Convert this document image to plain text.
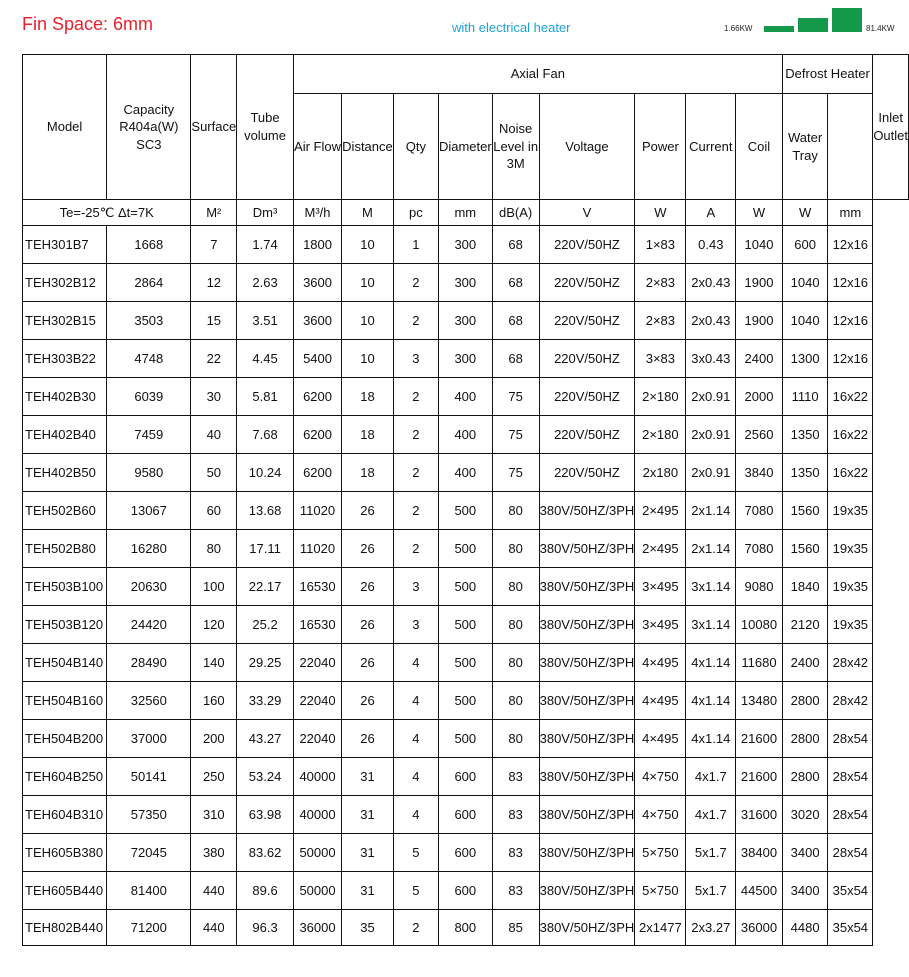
Fin Space: 6mm	with electrical heater	1.66KW	81.4KW
Model	Capacity R404a(W) SC3	Surface	Tube volume	Axial Fan									Defrost Heater		Inlet Outlet
				Air Flow	Distance	Qty	Diameter	Noise Level in 3M	Voltage	Power	Current	Coil	Water Tray		
Te=-25℃ Δt=7K		M²	Dm³	M³/h	M	pc	mm	dB(A)	V	W	A	W	W	mm	
TEH301B7	1668	7	1.74	1800	10	1	300	68	220V/50HZ	1×83	0.43	1040	600	12x16	
TEH302B12	2864	12	2.63	3600	10	2	300	68	220V/50HZ	2×83	2x0.43	1900	1040	12x16	
TEH302B15	3503	15	3.51	3600	10	2	300	68	220V/50HZ	2×83	2x0.43	1900	1040	12x16	
TEH303B22	4748	22	4.45	5400	10	3	300	68	220V/50HZ	3×83	3x0.43	2400	1300	12x16	
TEH402B30	6039	30	5.81	6200	18	2	400	75	220V/50HZ	2×180	2x0.91	2000	1110	16x22	
TEH402B40	7459	40	7.68	6200	18	2	400	75	220V/50HZ	2×180	2x0.91	2560	1350	16x22	
TEH402B50	9580	50	10.24	6200	18	2	400	75	220V/50HZ	2x180	2x0.91	3840	1350	16x22	
TEH502B60	13067	60	13.68	11020	26	2	500	80	380V/50HZ/3PH	2×495	2x1.14	7080	1560	19x35	
TEH502B80	16280	80	17.11	11020	26	2	500	80	380V/50HZ/3PH	2×495	2x1.14	7080	1560	19x35	
TEH503B100	20630	100	22.17	16530	26	3	500	80	380V/50HZ/3PH	3×495	3x1.14	9080	1840	19x35	
TEH503B120	24420	120	25.2	16530	26	3	500	80	380V/50HZ/3PH	3×495	3x1.14	10080	2120	19x35	
TEH504B140	28490	140	29.25	22040	26	4	500	80	380V/50HZ/3PH	4×495	4x1.14	11680	2400	28x42	
TEH504B160	32560	160	33.29	22040	26	4	500	80	380V/50HZ/3PH	4×495	4x1.14	13480	2800	28x42	
TEH504B200	37000	200	43.27	22040	26	4	500	80	380V/50HZ/3PH	4×495	4x1.14	21600	2800	28x54	
TEH604B250	50141	250	53.24	40000	31	4	600	83	380V/50HZ/3PH	4×750	4x1.7	21600	2800	28x54	
TEH604B310	57350	310	63.98	40000	31	4	600	83	380V/50HZ/3PH	4×750	4x1.7	31600	3020	28x54	
TEH605B380	72045	380	83.62	50000	31	5	600	83	380V/50HZ/3PH	5×750	5x1.7	38400	3400	28x54	
TEH605B440	81400	440	89.6	50000	31	5	600	83	380V/50HZ/3PH	5×750	5x1.7	44500	3400	35x54	
TEH802B440	71200	440	96.3	36000	35	2	800	85	380V/50HZ/3PH	2x1477	2x3.27	36000	4480	35x54	
